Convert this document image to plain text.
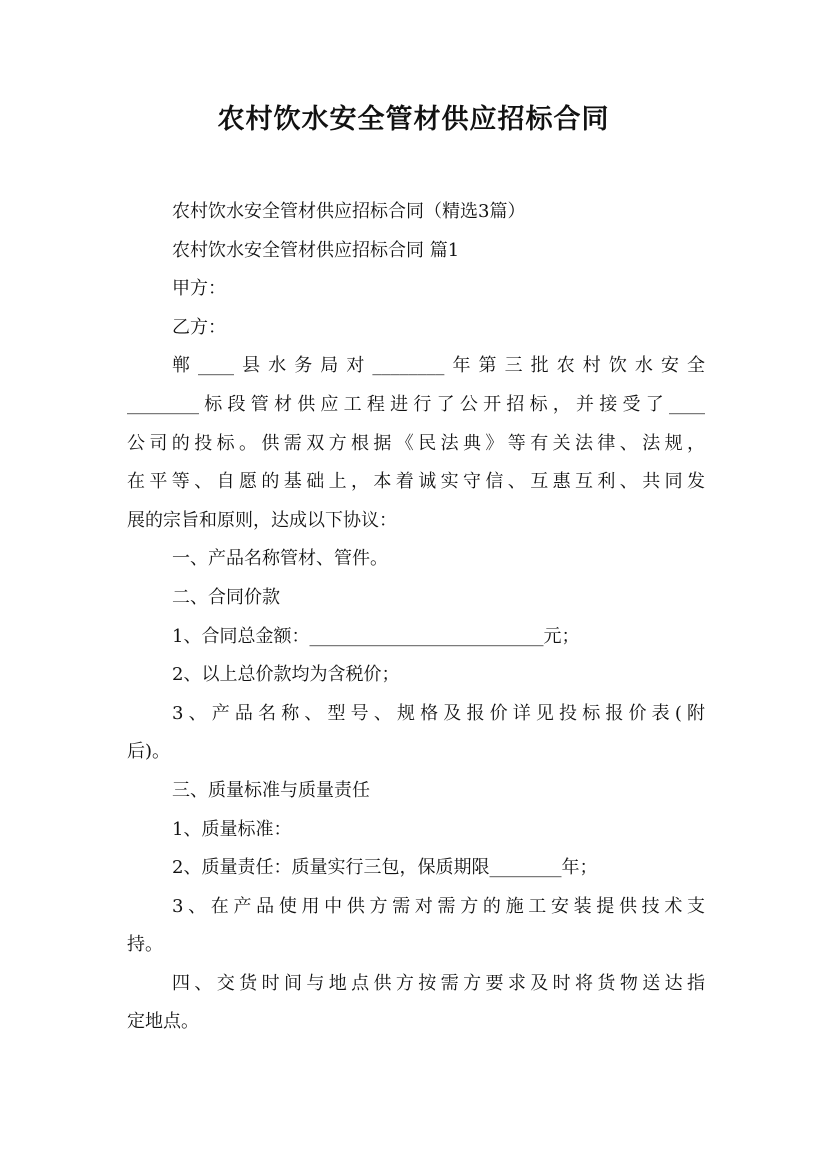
农村饮水安全管材供应招标合同
农村饮水安全管材供应招标合同（精选3篇）
农村饮水安全管材供应招标合同 篇1
甲方：
乙方：
郸____县水务局对________年第三批农村饮水安全
________标段管材供应工程进行了公开招标，并接受了____
公司的投标。供需双方根据《民法典》等有关法律、法规，
在平等、自愿的基础上，本着诚实守信、互惠互利、共同发
展的宗旨和原则，达成以下协议：
一、产品名称管材、管件。
二、合同价款
1、合同总金额：__________________________元；
2、以上总价款均为含税价；
3、产品名称、型号、规格及报价详见投标报价表(附
后)。
三、质量标准与质量责任
1、质量标准：
2、质量责任：质量实行三包，保质期限________年；
3、在产品使用中供方需对需方的施工安装提供技术支
持。
四、交货时间与地点供方按需方要求及时将货物送达指
定地点。
